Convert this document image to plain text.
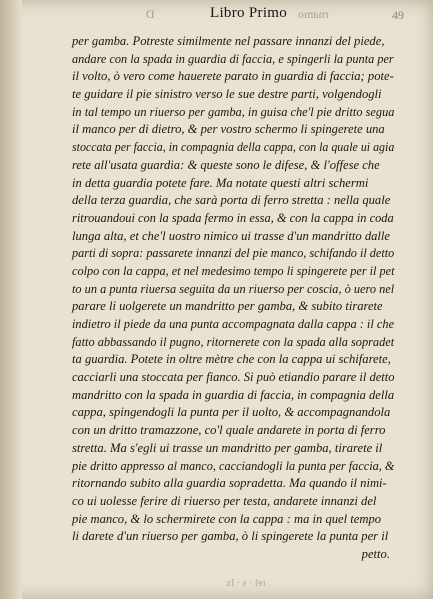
D	Libro Primo rnamo	49
per gamba. Potreste similmente nel passare innanzi del piede,
andare con la spada in guardia di faccia, e spingerli la punta per
il volto, ò vero come hauerete parato in guardia di faccia; pote-
te guidare il pie sinistro verso le sue destre parti, volgendogli
in tal tempo un riuerso per gamba, in guisa che'l pie dritto segua
il manco per di dietro, & per vostro schermo li spingerete una
stoccata per faccia, in compagnia della cappa, con la quale ui agia
rete all'usata guardia: & queste sono le difese, & l'offese che
in detta guardia potete fare. Ma notate questi altri schermi
della terza guardia, che sarà porta di ferro stretta : nella quale
ritrouandoui con la spada fermo in essa, & con la cappa in coda
lunga alta, et che'l uostro nimico ui trasse d'un mandritto dalle
parti di sopra: passarete innanzi del pie manco, schifando il detto
colpo con la cappa, et nel medesimo tempo li spingerete per il pet
to un a punta riuersa seguita da un riuerso per coscia, ò uero nel
parare li uolgerete un mandritto per gamba, & subito tirarete
indietro il piede da una punta accompagnata dalla cappa : il che
fatto abbassando il pugno, ritornerete con la spada alla sopradet
ta guardia. Potete in oltre mètre che con la cappa ui schifarete,
cacciarli una stoccata per fianco. Si può etiandio parare il detto
mandritto con la spada in guardia di faccia, in compagnia della
cappa, spingendogli la punta per il uolto, & accompagnandola
con un dritto tramazzone, co'l quale andarete in porta di ferro
stretta. Ma s'egli ui trasse un mandritto per gamba, tirarete il
pie dritto appresso al manco, cacciandogli la punta per faccia, &
ritornando subito alla guardia sopradetta. Ma quando il nimi-
co ui uolesse ferire di riuerso per testa, andarete innanzi del
pie manco, & lo schermirete con la cappa : ma in quel tempo
li darete d'un riuerso per gamba, ò li spingerete la punta per il
petto.
rel · s · Ix
